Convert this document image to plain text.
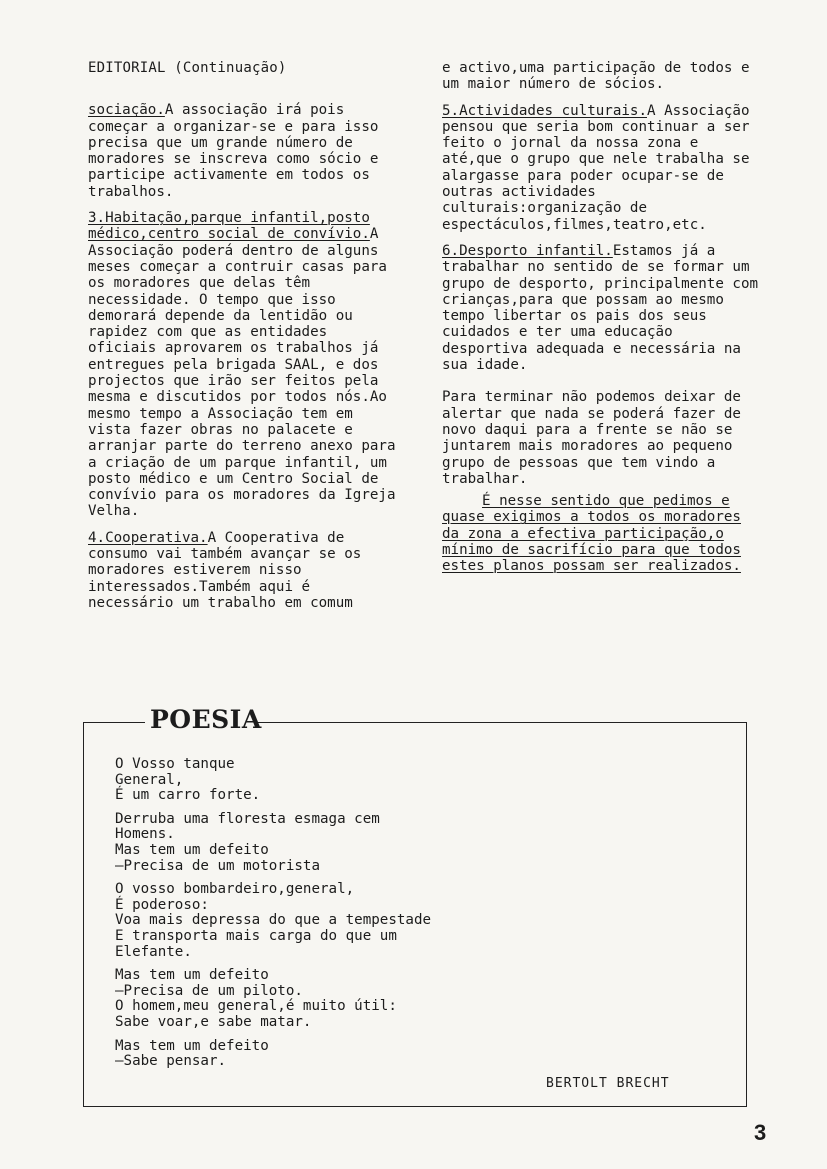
EDITORIAL (Continuação)

sociação.A associação irá pois começar a organizar-se e para isso precisa que um grande número de moradores se inscreva como sócio e participe activamente em todos os trabalhos.

3.Habitação,parque infantil,posto médico,centro social de convívio.A Associação poderá dentro de alguns meses começar a contruir casas para os moradores que delas têm necessidade. O tempo que isso demorará depende da lentidão ou rapidez com que as entidades oficiais aprovarem os trabalhos já entregues pela brigada SAAL, e dos projectos que irão ser feitos pela mesma e discutidos por todos nós.Ao mesmo tempo a Associação tem em vista fazer obras no palacete e arranjar parte do terreno anexo para a criação de um parque infantil, um posto médico e um Centro Social de convívio para os moradores da Igreja Velha.

4.Cooperativa.A Cooperativa de consumo vai também avançar se os moradores estiverem nisso interessados.Também aqui é necessário um trabalho em comum

e activo,uma participação de todos e um maior número de sócios.

5.Actividades culturais.A Associação pensou que seria bom continuar a ser feito o jornal da nossa zona e até,que o grupo que nele trabalha se alargasse para poder ocupar-se de outras actividades culturais:organização de espectáculos,filmes,teatro,etc.

6.Desporto infantil.Estamos já a trabalhar no sentido de se formar um grupo de desporto, principalmente com crianças,para que possam ao mesmo tempo libertar os pais dos seus cuidados e ter uma educação desportiva adequada e necessária na sua idade.

Para terminar não podemos deixar de alertar que nada se poderá fazer de novo daqui para a frente se não se juntarem mais moradores ao pequeno grupo de pessoas que tem vindo a trabalhar.

É nesse sentido que pedimos e quase exigimos a todos os moradores da zona a efectiva participação,o mínimo de sacrifício para que todos estes planos possam ser realizados.

POESIA

O Vosso tanque
General,
É um carro forte.

Derruba uma floresta esmaga cem
Homens.
Mas tem um defeito
—Precisa de um motorista

O vosso bombardeiro,general,
É poderoso:
Voa mais depressa do que a tempestade
E transporta mais carga do que um
Elefante.

Mas tem um defeito
—Precisa de um piloto.
O homem,meu general,é muito útil:
Sabe voar,e sabe matar.

Mas tem um defeito
—Sabe pensar.

BERTOLT BRECHT
3
